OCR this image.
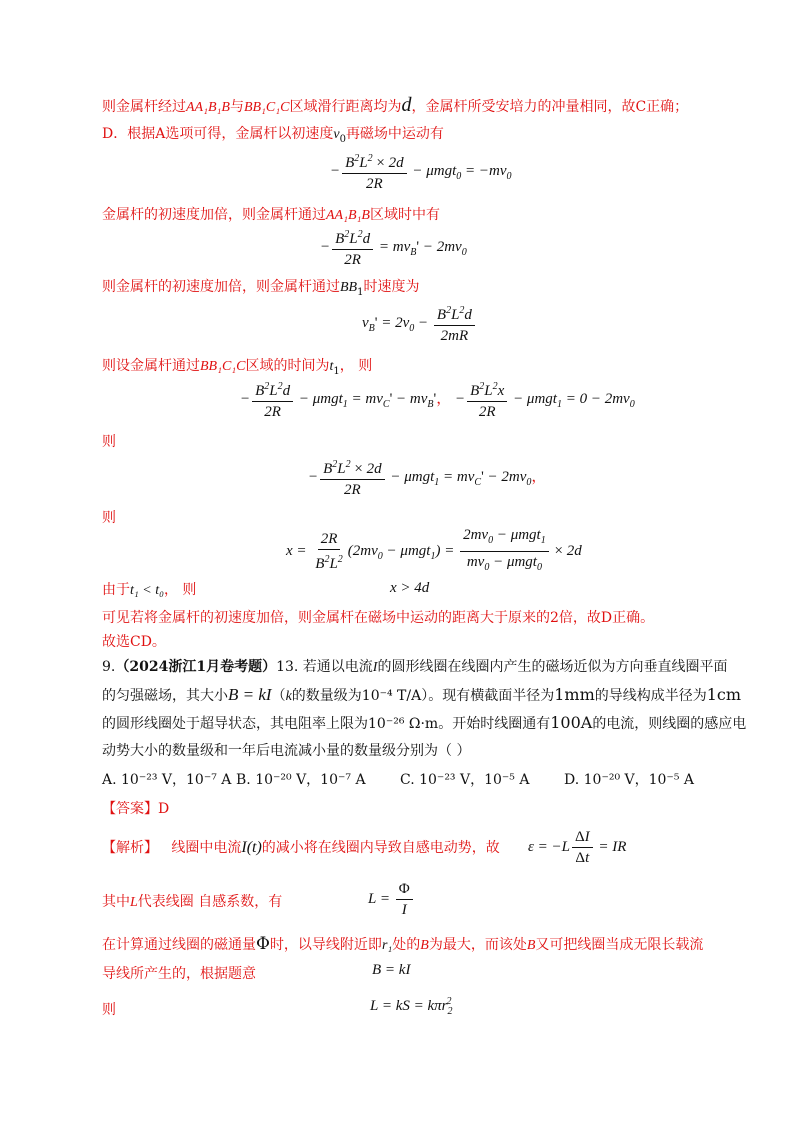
则金属杆经过AA₁B₁B与BB₁C₁C区域滑行距离均为d，金属杆所受安培力的冲量相同，故C正确；
D．根据A选项可得，金属杆以初速度$v_0$再磁场中运动有
− $\frac{B^2L^2 \times 2d}{2R} - \mu mgt_0 = -mv_0$
金属杆的初速度加倍，则金属杆通过AA₁B₁B区域时中有
− $\frac{B^2L^2d}{2R} = mv_B' - 2mv_0$
则金属杆的初速度加倍，则金属杆通过$BB_1$时速度为
$v_B' = 2v_0 - \frac{B^2L^2d}{2mR}$
则设金属杆通过BB₁C₁C区域的时间为$t_1$， 则
− $\frac{B^2L^2d}{2R} - \mu mgt_1 = mv_C' - mv_B'$， − $\frac{B^2L^2x}{2R} - \mu mgt_1 = 0 - 2mv_0$
则
− $\frac{B^2L^2 \times 2d}{2R} - \mu mgt_1 = mv_C' - 2mv_0$，
则
$x = \frac{2R}{B^2L^2} (2mv_0 - \mu mgt_1) = \frac{2mv_0 - \mu mgt_1}{mv_0 - \mu mgt_0} \times 2d$
由于t₁ < t₀， 则	x > 4d
可见若将金属杆的初速度加倍，则金属杆在磁场中运动的距离大于原来的2倍，故D正确。
故选CD。
9.（2024浙江1月卷考题）13. 若通以电流I的圆形线圈在线圈内产生的磁场近似为方向垂直线圈平面
的匀强磁场，其大小B = kI（k的数量级为10⁻⁴ T/A）。现有横截面半径为1mm的导线构成半径为1cm
的圆形线圈处于超导状态，其电阻率上限为10⁻²⁶ Ω·m。开始时线圈通有100A的电流，则线圈的感应电
动势大小的数量级和一年后电流减小量的数量级分别为（ ）
A. 10⁻²³ V，10⁻⁷ A B. 10⁻²⁰ V，10⁻⁷ A C. 10⁻²³ V，10⁻⁵ A D. 10⁻²⁰ V，10⁻⁵ A
【答案】D
【解析】 线圈中电流I(t)的减小将在线圈内导致自感电动势，故 $\varepsilon = -L \frac{\Delta I}{\Delta t}$ = IR
其中L代表线圈 自感系数，有	$L = \frac{\Phi}{I}$
在计算通过线圈的磁通量Φ时，以导线附近即r₁处的B为最大，而该处B又可把线圈当成无限长载流
导线所产生的，根据题意	B = kI
则	L = kS = kπr$_2^2$
